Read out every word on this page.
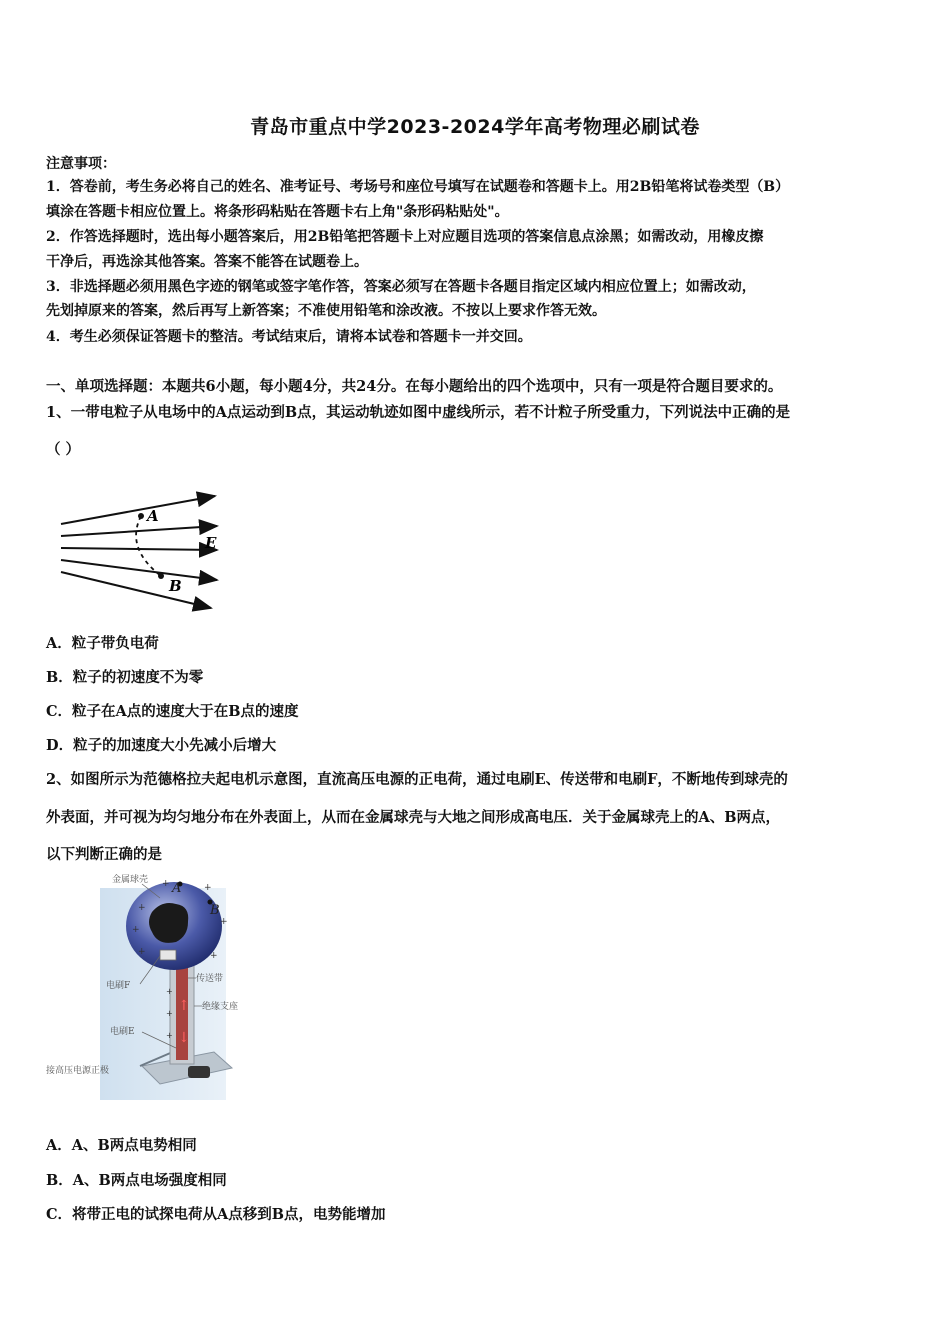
青岛市重点中学2023-2024学年高考物理必刷试卷
注意事项：
1．答卷前，考生务必将自己的姓名、准考证号、考场号和座位号填写在试题卷和答题卡上。用2B铅笔将试卷类型（B）
填涂在答题卡相应位置上。将条形码粘贴在答题卡右上角"条形码粘贴处"。
2．作答选择题时，选出每小题答案后，用2B铅笔把答题卡上对应题目选项的答案信息点涂黑；如需改动，用橡皮擦
干净后，再选涂其他答案。答案不能答在试题卷上。
3．非选择题必须用黑色字迹的钢笔或签字笔作答，答案必须写在答题卡各题目指定区域内相应位置上；如需改动，
先划掉原来的答案，然后再写上新答案；不准使用铅笔和涂改液。不按以上要求作答无效。
4．考生必须保证答题卡的整洁。考试结束后，请将本试卷和答题卡一并交回。
一、单项选择题：本题共6小题，每小题4分，共24分。在每小题给出的四个选项中，只有一项是符合题目要求的。
1、一带电粒子从电场中的A点运动到B点，其运动轨迹如图中虚线所示，若不计粒子所受重力，下列说法中正确的是
（ ）
A
B
E
A．粒子带负电荷
B．粒子的初速度不为零
C．粒子在A点的速度大于在B点的速度
D．粒子的加速度大小先减小后增大
2、如图所示为范德格拉夫起电机示意图，直流高压电源的正电荷，通过电刷E、传送带和电刷F，不断地传到球壳的
外表面，并可视为均匀地分布在外表面上，从而在金属球壳与大地之间形成高电压．关于金属球壳上的A、B两点，
以下判断正确的是
↑
↓
+
+
+
+	+
+
+
+
+
+
A
B
金属球壳
电刷F
传送带
绝缘支座
电刷E
接高压电源正极
A．A、B两点电势相同
B．A、B两点电场强度相同
C．将带正电的试探电荷从A点移到B点，电势能增加
